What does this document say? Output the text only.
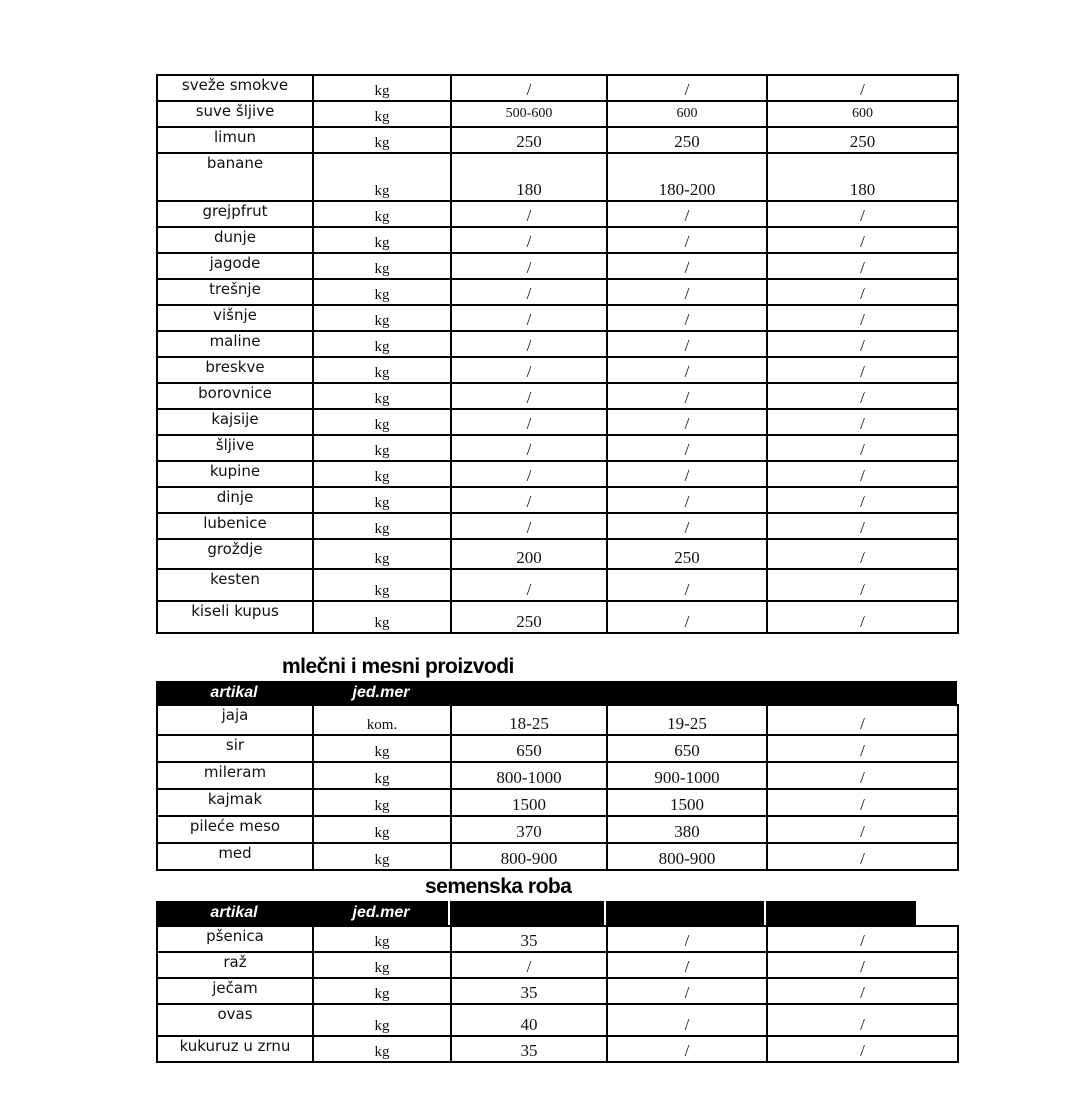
sveže smokve	kg	/	/	/
suve šljive	kg	500-600	600	600
limun	kg	250	250	250
banane	kg	180	180-200	180
grejpfrut	kg	/	/	/
dunje	kg	/	/	/
jagode	kg	/	/	/
trešnje	kg	/	/	/
višnje	kg	/	/	/
maline	kg	/	/	/
breskve	kg	/	/	/
borovnice	kg	/	/	/
kajsije	kg	/	/	/
šljive	kg	/	/	/
kupine	kg	/	/	/
dinje	kg	/	/	/
lubenice	kg	/	/	/
groždje	kg	200	250	/
kesten	kg	/	/	/
kiseli kupus	kg	250	/	/
mlečni i mesni proizvodi
artikal	jed.mer
jaja	kom.	18-25	19-25	/
sir	kg	650	650	/
mileram	kg	800-1000	900-1000	/
kajmak	kg	1500	1500	/
pileće meso	kg	370	380	/
med	kg	800-900	800-900	/
semenska roba
artikal	jed.mer
pšenica	kg	35	/	/
raž	kg	/	/	/
ječam	kg	35	/	/
ovas	kg	40	/	/
kukuruz u zrnu	kg	35	/	/
